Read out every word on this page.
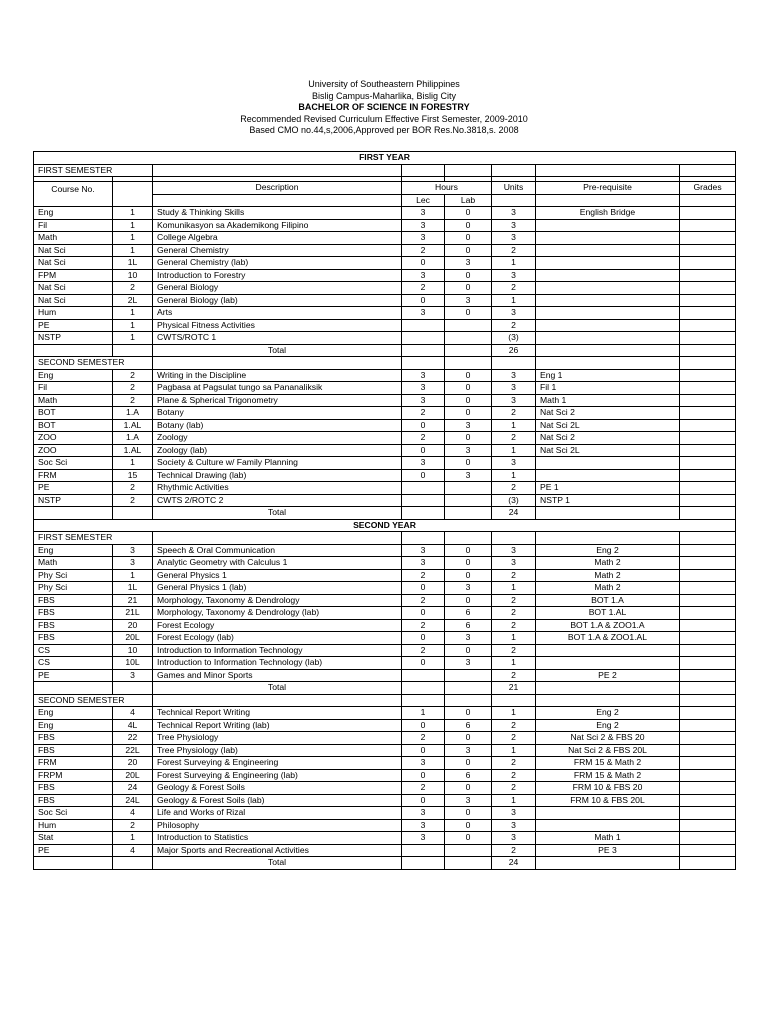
University of Southeastern Philippines
Bislig Campus-Maharlika, Bislig City
BACHELOR OF SCIENCE IN FORESTRY
Recommended Revised Curriculum Effective First Semester, 2009-2010
Based CMO no.44,s,2006,Approved per BOR Res.No.3818,s. 2008
FIRST YEAR							
FIRST SEMESTER							

Course No.		Description	Hours		Units	Pre-requisite	Grades
			Lec	Lab			
Eng	1	Study & Thinking Skills	3	0	3	English Bridge	
Fil	1	Komunikasyon sa Akademikong Filipino	3	0	3		
Math	1	College Algebra	3	0	3		
Nat Sci	1	General Chemistry	2	0	2		
Nat Sci	1L	General Chemistry (lab)	0	3	1		
FPM	10	Introduction to Forestry	3	0	3		
Nat Sci	2	General Biology	2	0	2		
Nat Sci	2L	General Biology (lab)	0	3	1		
Hum	1	Arts	3	0	3		
PE	1	Physical Fitness Activities			2		
NSTP	1	CWTS/ROTC 1			(3)		
		Total			26		
SECOND SEMESTER							
Eng	2	Writing in the Discipline	3	0	3	Eng 1	
Fil	2	Pagbasa at Pagsulat tungo sa Pananaliksik	3	0	3	Fil 1	
Math	2	Plane & Spherical Trigonometry	3	0	3	Math 1	
BOT	1.A	Botany	2	0	2	Nat Sci 2	
BOT	1.AL	Botany (lab)	0	3	1	Nat Sci 2L	
ZOO	1.A	Zoology	2	0	2	Nat Sci 2	
ZOO	1.AL	Zoology (lab)	0	3	1	Nat Sci 2L	
Soc Sci	1	Society & Culture w/ Family Planning	3	0	3		
FRM	15	Technical Drawing (lab)	0	3	1		
PE	2	Rhythmic Activities			2	PE 1	
NSTP	2	CWTS 2/ROTC 2			(3)	NSTP 1	
		Total			24		
SECOND YEAR							
FIRST SEMESTER							
Eng	3	Speech & Oral Communication	3	0	3	Eng 2	
Math	3	Analytic Geometry with Calculus 1	3	0	3	Math 2	
Phy Sci	1	General Physics 1	2	0	2	Math 2	
Phy Sci	1L	General Physics 1 (lab)	0	3	1	Math 2	
FBS	21	Morphology, Taxonomy & Dendrology	2	0	2	BOT 1.A	
FBS	21L	Morphology, Taxonomy & Dendrology (lab)	0	6	2	BOT 1.AL	
FBS	20	Forest Ecology	2	6	2	BOT 1.A & ZOO1.A	
FBS	20L	Forest Ecology (lab)	0	3	1	BOT 1.A & ZOO1.AL	
CS	10	Introduction to Information Technology	2	0	2		
CS	10L	Introduction to Information Technology (lab)	0	3	1		
PE	3	Games and Minor Sports			2	PE 2	
		Total			21		
SECOND SEMESTER							
Eng	4	Technical Report Writing	1	0	1	Eng 2	
Eng	4L	Technical Report Writing (lab)	0	6	2	Eng 2	
FBS	22	Tree Physiology	2	0	2	Nat Sci 2 & FBS 20	
FBS	22L	Tree Physiology (lab)	0	3	1	Nat Sci 2 & FBS 20L	
FRM	20	Forest Surveying & Engineering	3	0	2	FRM 15 & Math 2	
FRPM	20L	Forest Surveying & Engineering (lab)	0	6	2	FRM 15 & Math 2	
FBS	24	Geology & Forest Soils	2	0	2	FRM 10 & FBS 20	
FBS	24L	Geology & Forest Soils (lab)	0	3	1	FRM 10 & FBS 20L	
Soc Sci	4	Life and Works of Rizal	3	0	3		
Hum	2	Philosophy	3	0	3		
Stat	1	Introduction to Statistics	3	0	3	Math 1	
PE	4	Major Sports and Recreational Activities			2	PE 3	
		Total			24		
